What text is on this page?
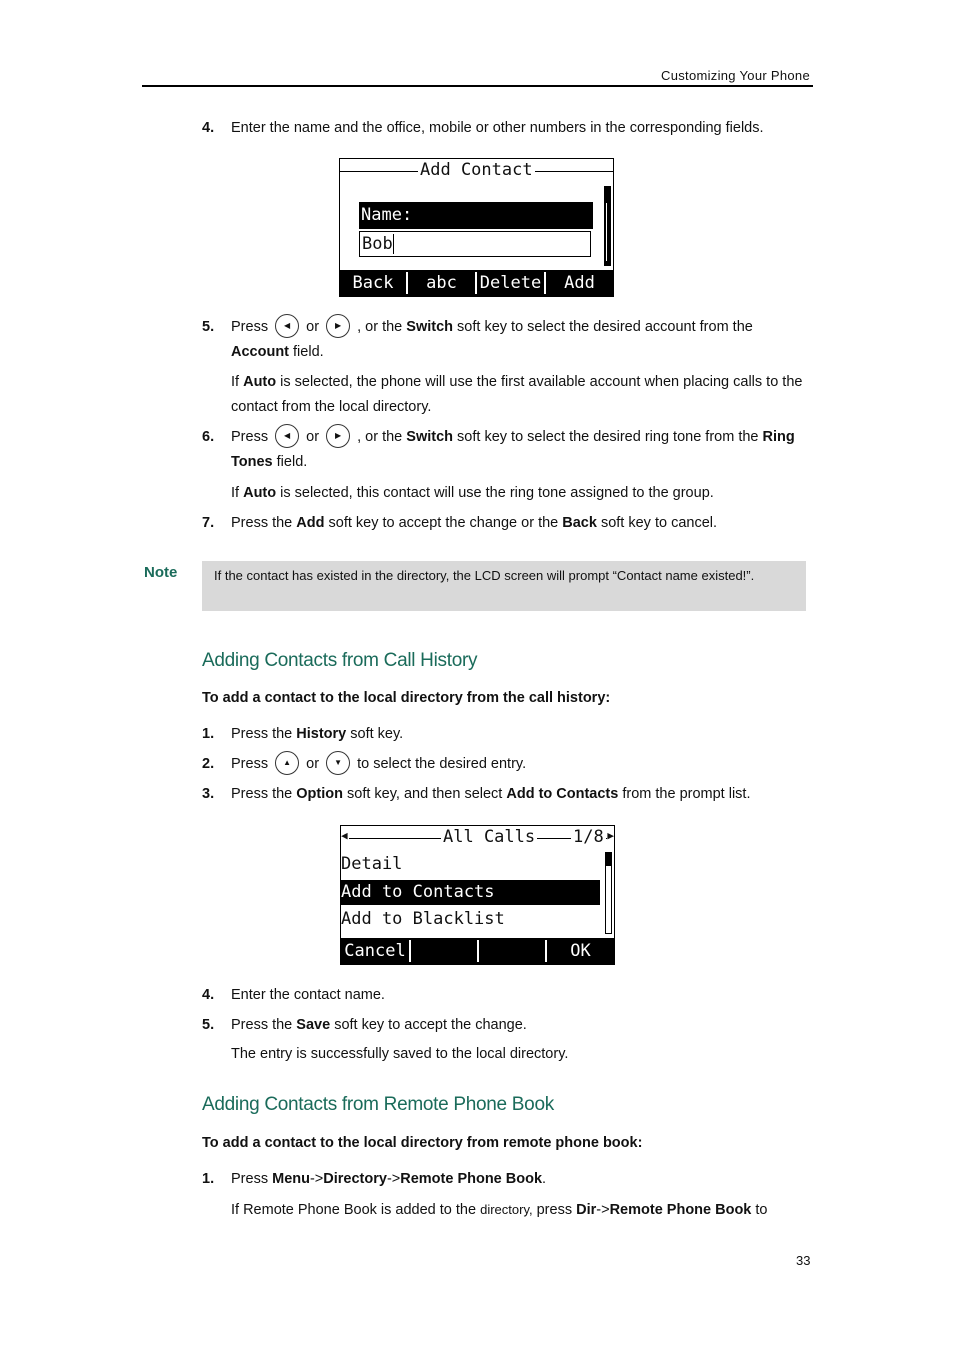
Customizing Your Phone
4. Enter the name and the office, mobile or other numbers in the corresponding fields.
Add Contact
Name:
Bob
Back	abc	Delete	Add
5. Press	◀	or	▶	, or the Switch soft key to select the desired account from the
Account field.
If Auto is selected, the phone will use the first available account when placing calls to the contact from the local directory.
6. Press	◀	or	▶	, or the Switch soft key to select the desired ring tone from the Ring
Tones field.
If Auto is selected, this contact will use the ring tone assigned to the group.
7. Press the Add soft key to accept the change or the Back soft key to cancel.
Note	If the contact has existed in the directory, the LCD screen will prompt “Contact name existed!”.
Adding Contacts from Call History
To add a contact to the local directory from the call history:
1. Press the History soft key.
2. Press	▲	or	▼	to select the desired entry.
3. Press the Option soft key, and then select Add to Contacts from the prompt list.
◀	▶
All Calls 1/8
Detail
Add to Contacts
Add to Blacklist
Cancel	OK
4. Enter the contact name.
5. Press the Save soft key to accept the change.
The entry is successfully saved to the local directory.
Adding Contacts from Remote Phone Book
To add a contact to the local directory from remote phone book:
1. Press Menu->Directory->Remote Phone Book.
If Remote Phone Book is added to the directory, press Dir->Remote Phone Book to
33
